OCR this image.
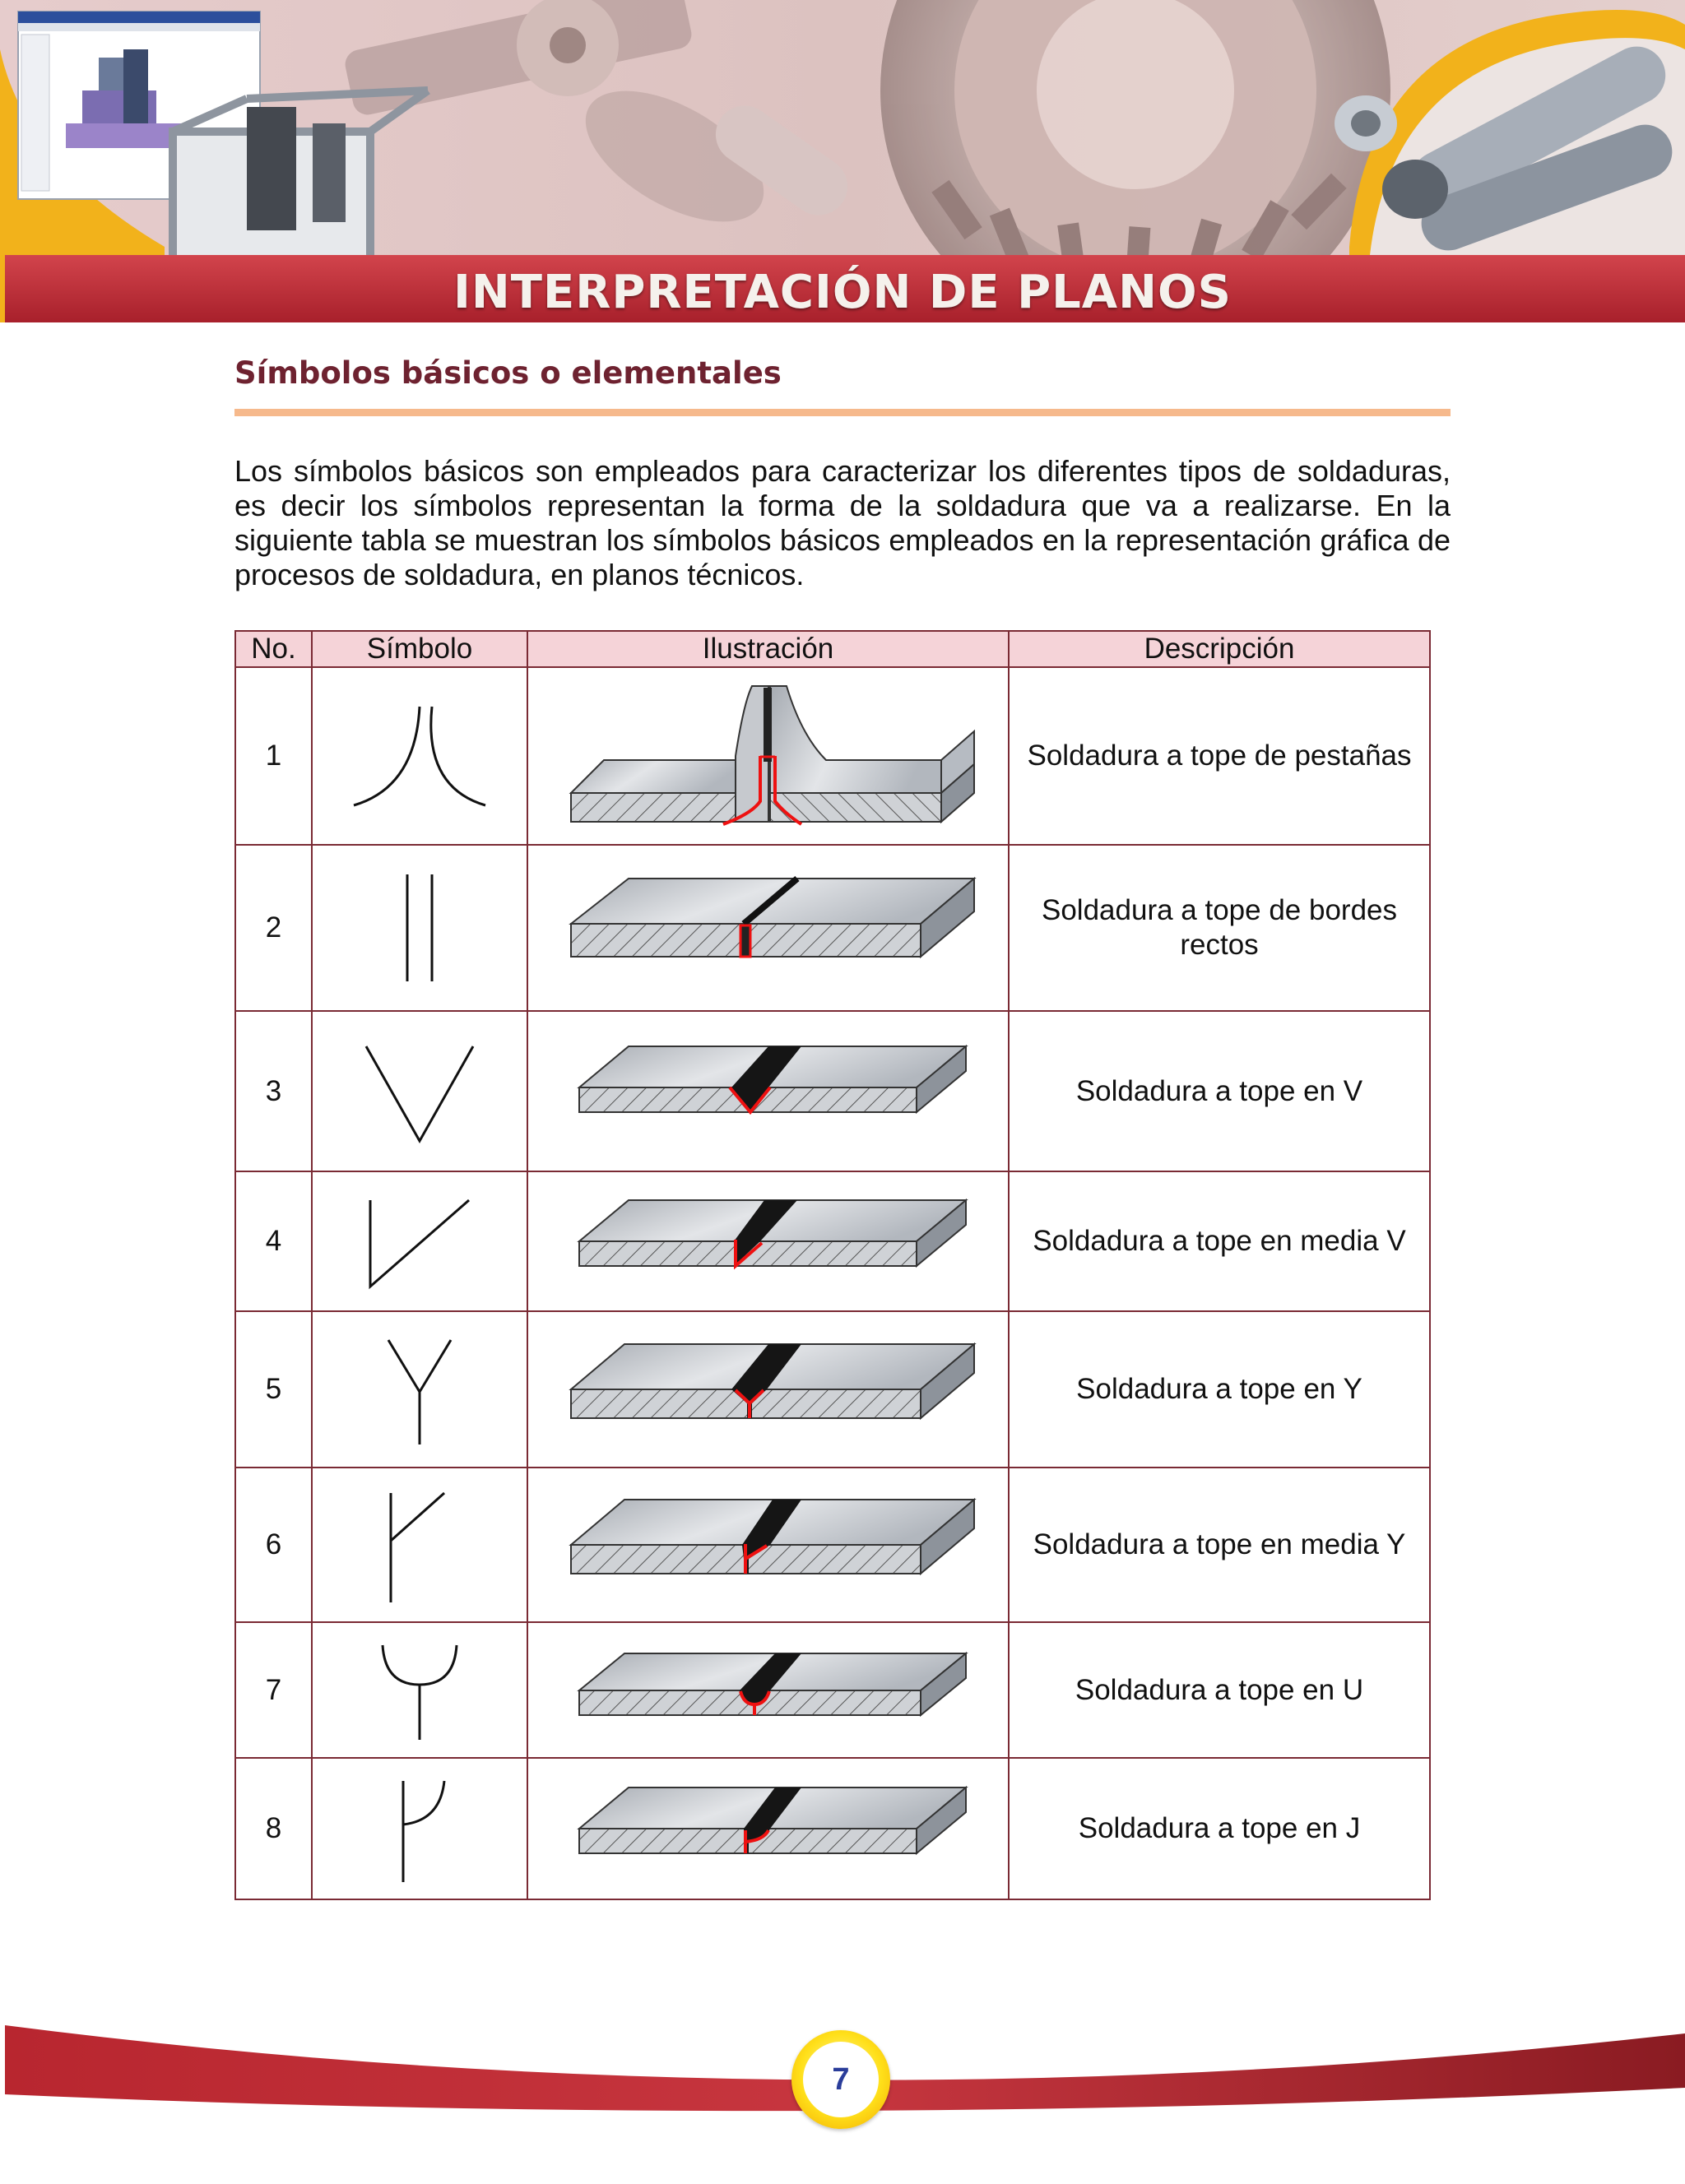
INTERPRETACIÓN DE PLANOS
Símbolos básicos o elementales

Los símbolos básicos son empleados para caracterizar los diferentes tipos de soldaduras, es decir los símbolos representan la forma de la soldadura que va a realizarse. En la siguiente tabla se muestran los símbolos básicos empleados en la representación gráfica de procesos de soldadura, en planos técnicos.

No.	Símbolo	Ilustración	Descripción
1			Soldadura a tope de pestañas
2			Soldadura a tope de bordes rectos
3			Soldadura a tope en V
4			Soldadura a tope en media V
5			Soldadura a tope en Y
6			Soldadura a tope en media Y
7			Soldadura a tope en U
8			Soldadura a tope en J
7
